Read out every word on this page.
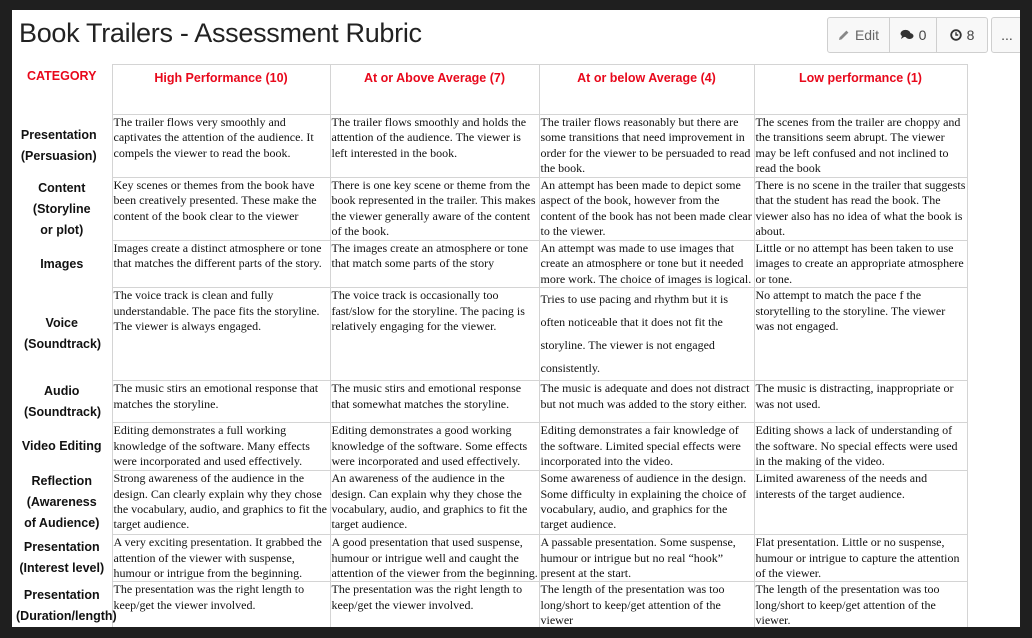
Book Trailers - Assessment Rubric	Edit	0	8	...
CATEGORY	High Performance (10)	At or Above Average (7)	At or below Average (4)	Low performance (1)
Presentation (Persuasion)	The trailer flows very smoothly and captivates the attention of the audience. It compels the viewer to read the book.	The trailer flows smoothly and holds the attention of the audience. The viewer is left interested in the book.	The trailer flows reasonably but there are some transitions that need improvement in order for the viewer to be persuaded to read the book.	The scenes from the trailer are choppy and the transitions seem abrupt. The viewer may be left confused and not inclined to read the book
Content (Storyline or plot)	Key scenes or themes from the book have been creatively presented. These make the content of the book clear to the viewer	There is one key scene or theme from the book represented in the trailer. This makes the viewer generally aware of the content of the book.	An attempt has been made to depict some aspect of the book, however from the content of the book has not been made clear to the viewer.	There is no scene in the trailer that suggests that the student has read the book. The viewer also has no idea of what the book is about.
Images	Images create a distinct atmosphere or tone that matches the different parts of the story.	The images create an atmosphere or tone that match some parts of the story	An attempt was made to use images that create an atmosphere or tone but it needed more work. The choice of images is logical.	Little or no attempt has been taken to use images to create an appropriate atmosphere or tone.
Voice (Soundtrack)	The voice track is clean and fully understandable. The pace fits the storyline. The viewer is always engaged.	The voice track is occasionally too fast/slow for the storyline. The pacing is relatively engaging for the viewer.	Tries to use pacing and rhythm but it is often noticeable that it does not fit the storyline. The viewer is not engaged consistently.	No attempt to match the pace f the storytelling to the storyline. The viewer was not engaged.
Audio (Soundtrack)	The music stirs an emotional response that matches the storyline.	The music stirs and emotional response that somewhat matches the storyline.	The music is adequate and does not distract but not much was added to the story either.	The music is distracting, inappropriate or was not used.
Video Editing	Editing demonstrates a full working knowledge of the software. Many effects were incorporated and used effectively.	Editing demonstrates a good working knowledge of the software. Some effects were incorporated and used effectively.	Editing demonstrates a fair knowledge of the software. Limited special effects were incorporated into the video.	Editing shows a lack of understanding of the software. No special effects were used in the making of the video.
Reflection (Awareness of Audience)	Strong awareness of the audience in the design. Can clearly explain why they chose the vocabulary, audio, and graphics to fit the target audience.	An awareness of the audience in the design. Can explain why they chose the vocabulary, audio, and graphics to fit the target audience.	Some awareness of audience in the design. Some difficulty in explaining the choice of vocabulary, audio, and graphics for the target audience.	Limited awareness of the needs and interests of the target audience.
Presentation (Interest level)	A very exciting presentation. It grabbed the attention of the viewer with suspense, humour or intrigue from the beginning.	A good presentation that used suspense, humour or intrigue well and caught the attention of the viewer from the beginning.	A passable presentation. Some suspense, humour or intrigue but no real “hook” present at the start.	Flat presentation. Little or no suspense, humour or intrigue to capture the attention of the viewer.
Presentation (Duration/length)	The presentation was the right length to keep/get the viewer involved.	The presentation was the right length to keep/get the viewer involved.	The length of the presentation was too long/short to keep/get attention of the viewer	The length of the presentation was too long/short to keep/get attention of the viewer.
